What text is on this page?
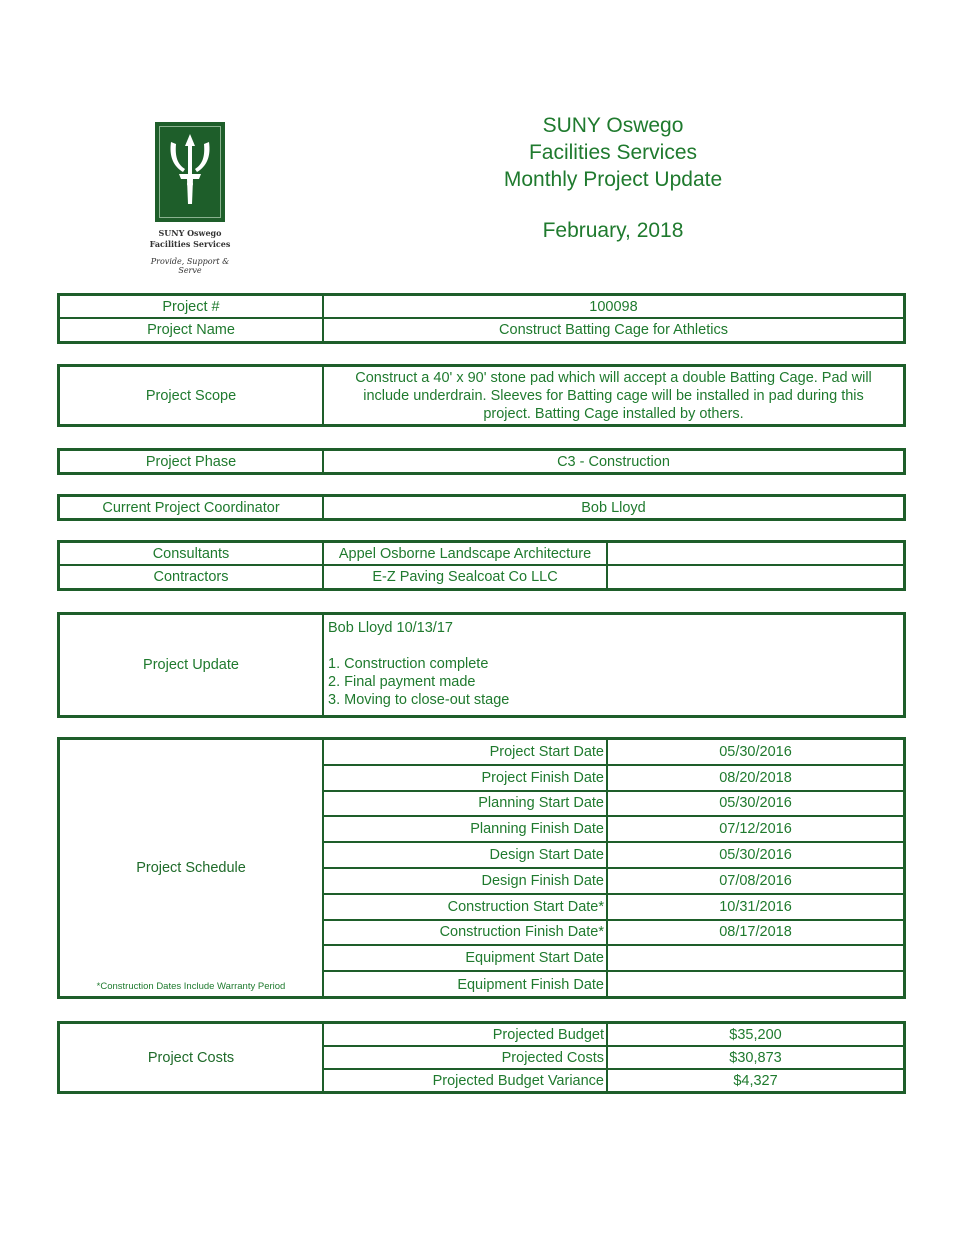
SUNY Oswego
Facilities Services
Provide, Support & Serve
SUNY Oswego
Facilities Services
Monthly Project Update
February, 2018
Project #	100098
Project Name	Construct Batting Cage for Athletics
Project Scope
Construct a 40' x 90' stone pad which will accept a double Batting Cage. Pad will
include underdrain. Sleeves for Batting cage will be installed in pad during this
project. Batting Cage installed by others.
Project Phase	C3 - Construction
Current Project Coordinator	Bob Lloyd
Consultants	Appel Osborne Landscape Architecture
Contractors	E-Z Paving Sealcoat Co LLC
Project Update
Bob Lloyd 10/13/17
1. Construction complete
2. Final payment made
3. Moving to close-out stage
Project Schedule
*Construction Dates Include Warranty Period
Project Start Date	05/30/2016
Project Finish Date	08/20/2018
Planning Start Date	05/30/2016
Planning Finish Date	07/12/2016
Design Start Date	05/30/2016
Design Finish Date	07/08/2016
Construction Start Date*	10/31/2016
Construction Finish Date*	08/17/2018
Equipment Start Date
Equipment Finish Date
Project Costs
Projected Budget	$35,200
Projected Costs	$30,873
Projected Budget Variance	$4,327
